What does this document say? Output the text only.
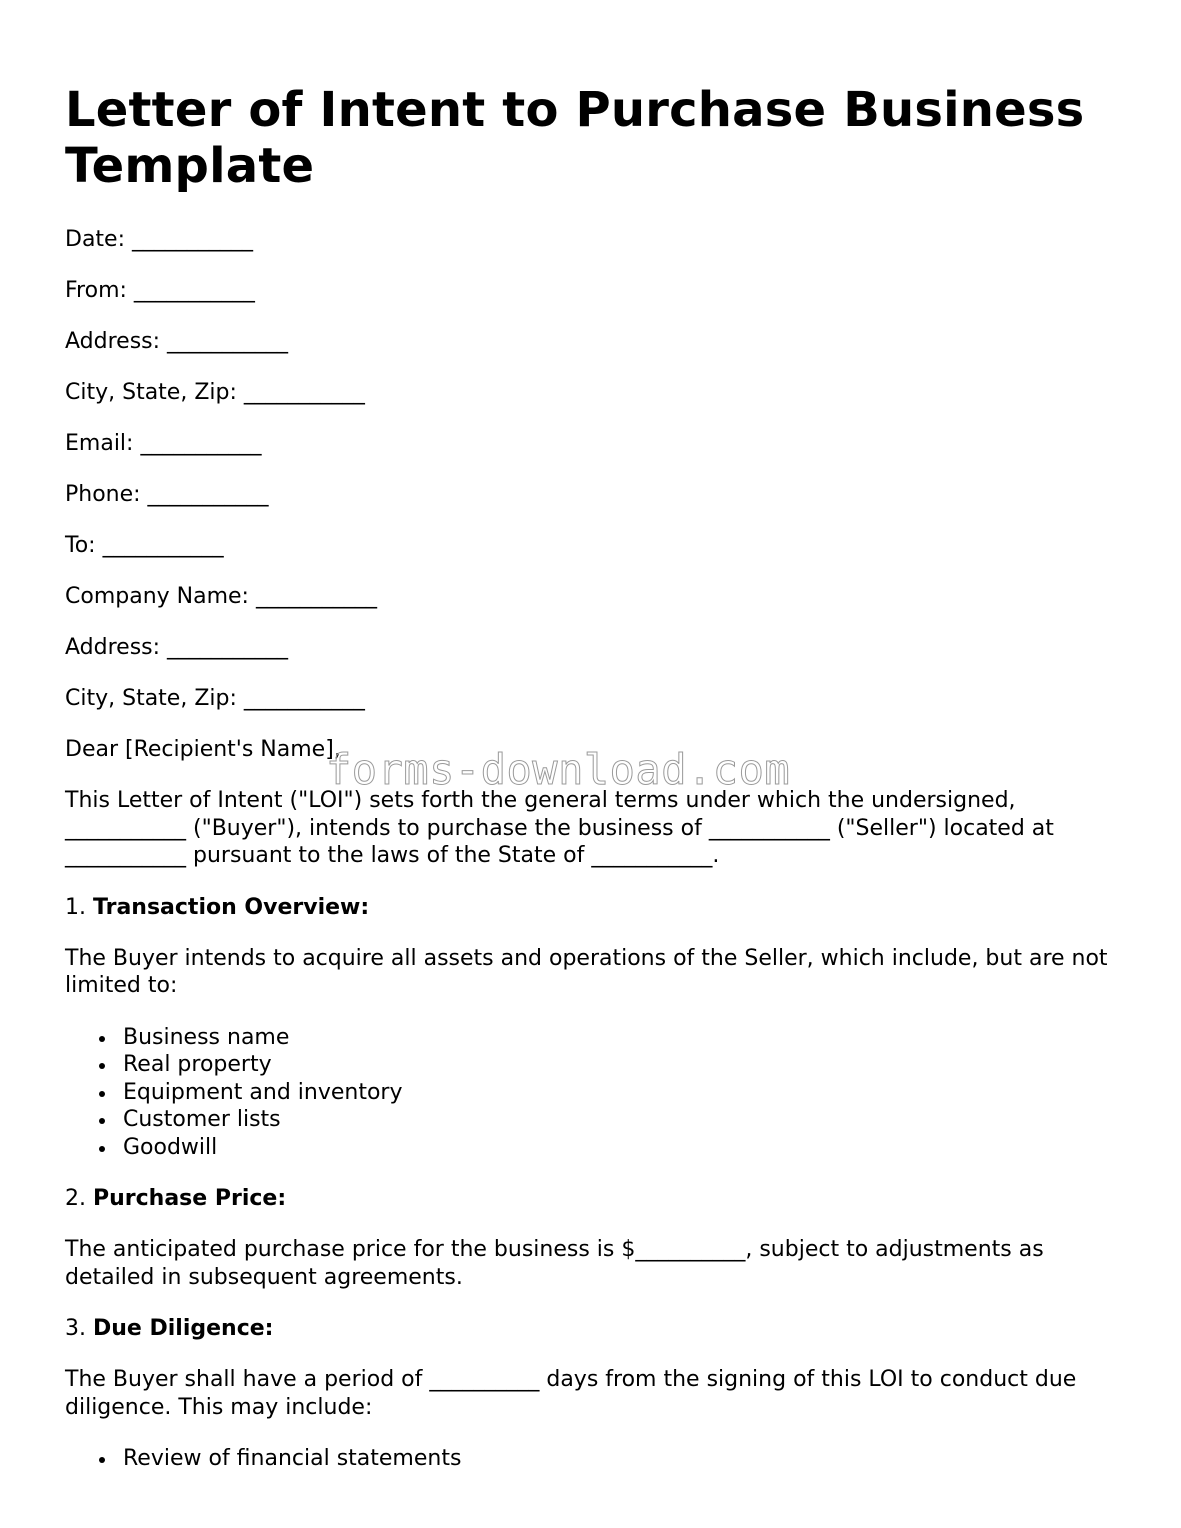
Letter of Intent to Purchase Business Template

Date: ___________

From: ___________

Address: ___________

City, State, Zip: ___________

Email: ___________

Phone: ___________

To: ___________

Company Name: ___________

Address: ___________

City, State, Zip: ___________

Dear [Recipient's Name],

This Letter of Intent ("LOI") sets forth the general terms under which the undersigned, ___________ ("Buyer"), intends to purchase the business of ___________ ("Seller") located at ___________ pursuant to the laws of the State of ___________.

1. Transaction Overview:

The Buyer intends to acquire all assets and operations of the Seller, which include, but are not limited to:

Business name
Real property
Equipment and inventory
Customer lists
Goodwill

2. Purchase Price:

The anticipated purchase price for the business is $__________, subject to adjustments as detailed in subsequent agreements.

3. Due Diligence:

The Buyer shall have a period of __________ days from the signing of this LOI to conduct due diligence. This may include:

Review of financial statements
forms-download.com
